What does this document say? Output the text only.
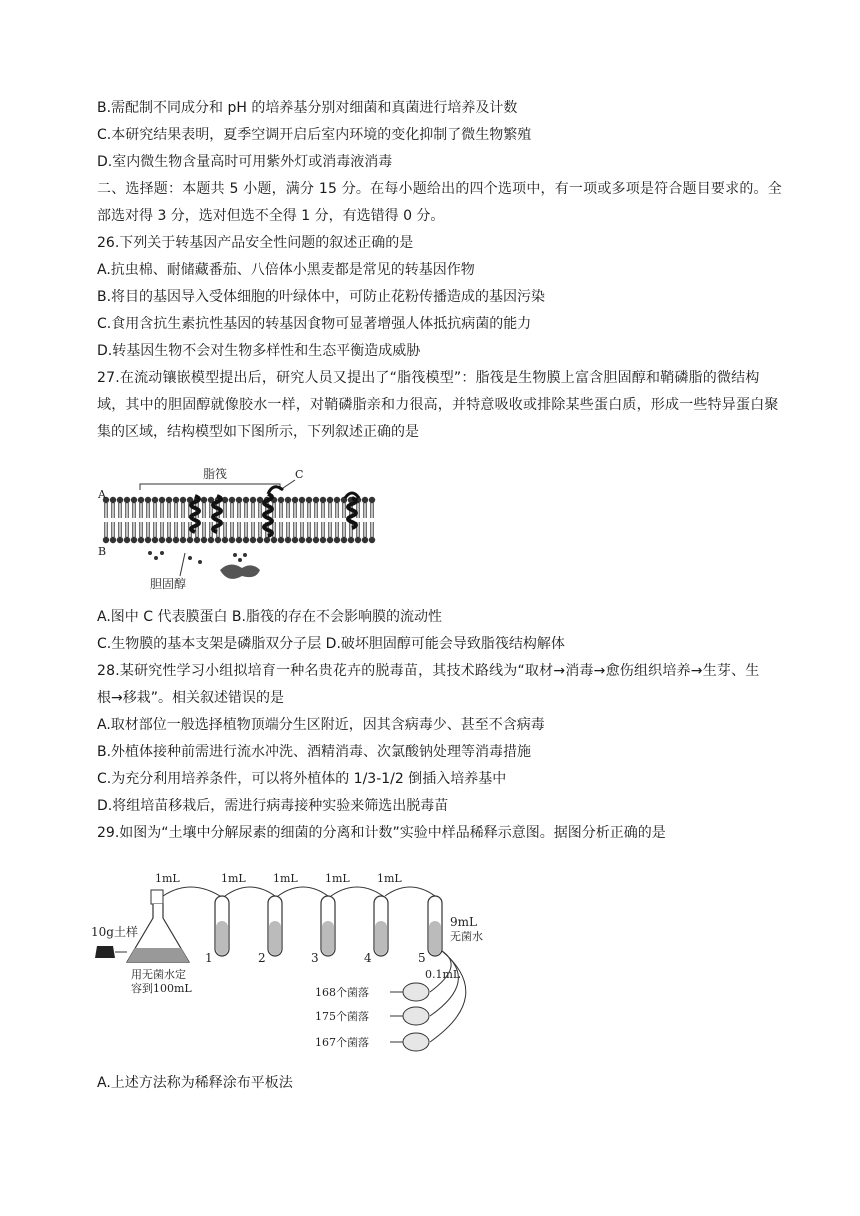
B.需配制不同成分和 pH 的培养基分别对细菌和真菌进行培养及计数
C.本研究结果表明，夏季空调开启后室内环境的变化抑制了微生物繁殖
D.室内微生物含量高时可用紫外灯或消毒液消毒
二、选择题：本题共 5 小题，满分 15 分。在每小题给出的四个选项中，有一项或多项是符合题目要求的。全
部选对得 3 分，选对但选不全得 1 分，有选错得 0 分。
26.下列关于转基因产品安全性问题的叙述正确的是
A.抗虫棉、耐储藏番茄、八倍体小黑麦都是常见的转基因作物
B.将目的基因导入受体细胞的叶绿体中，可防止花粉传播造成的基因污染
C.食用含抗生素抗性基因的转基因食物可显著增强人体抵抗病菌的能力
D.转基因生物不会对生物多样性和生态平衡造成威胁
27.在流动镶嵌模型提出后，研究人员又提出了“脂筏模型”：脂筏是生物膜上富含胆固醇和鞘磷脂的微结构
域，其中的胆固醇就像胶水一样，对鞘磷脂亲和力很高，并特意吸收或排除某些蛋白质，形成一些特异蛋白聚
集的区域，结构模型如下图所示，下列叙述正确的是
脂筏	C
A
B
胆固醇
A.图中 C 代表膜蛋白 B.脂筏的存在不会影响膜的流动性
C.生物膜的基本支架是磷脂双分子层 D.破坏胆固醇可能会导致脂筏结构解体
28.某研究性学习小组拟培育一种名贵花卉的脱毒苗，其技术路线为“取材→消毒→愈伤组织培养→生芽、生
根→移栽”。相关叙述错误的是
A.取材部位一般选择植物顶端分生区附近，因其含病毒少、甚至不含病毒
B.外植体接种前需进行流水冲洗、酒精消毒、次氯酸钠处理等消毒措施
C.为充分利用培养条件，可以将外植体的 1/3-1/2 倒插入培养基中
D.将组培苗移栽后，需进行病毒接种实验来筛选出脱毒苗
29.如图为“土壤中分解尿素的细菌的分离和计数”实验中样品稀释示意图。据图分析正确的是
1mL	1mL 1mL 1mL 1mL
10g土样
用无菌水定
容到100mL
1	2	3	4	5
9mL
无菌水
0.1mL
168个菌落
175个菌落
167个菌落
A.上述方法称为稀释涂布平板法
